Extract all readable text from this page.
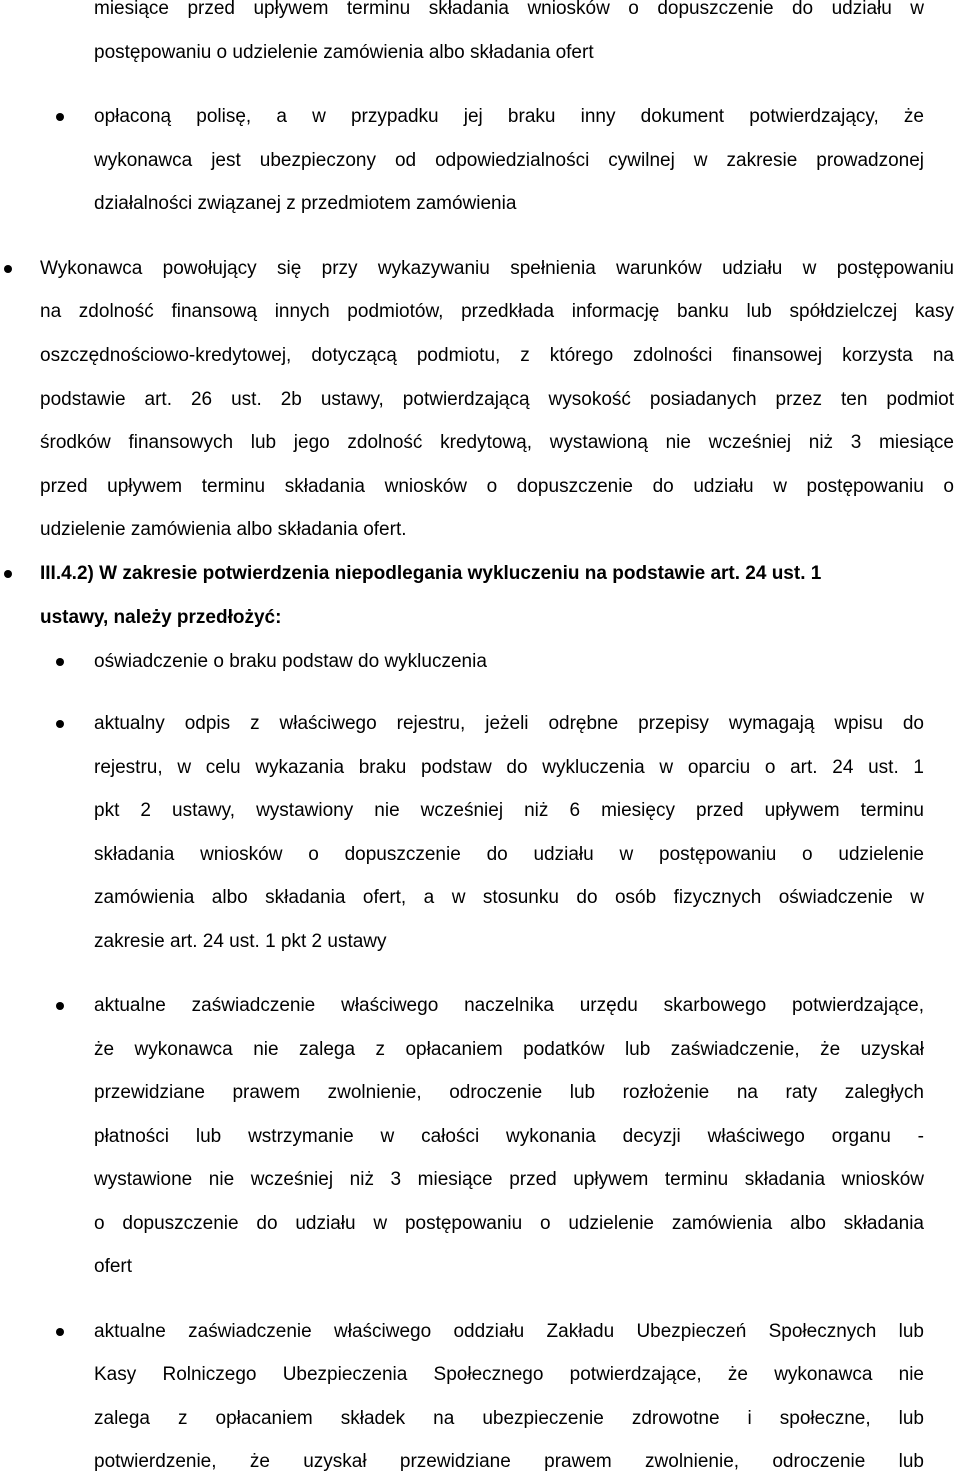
miesiące przed upływem terminu składania wniosków o dopuszczenie do udziału w
postępowaniu o udzielenie zamówienia albo składania ofert
opłaconą polisę, a w przypadku jej braku inny dokument potwierdzający, że
wykonawca jest ubezpieczony od odpowiedzialności cywilnej w zakresie prowadzonej
działalności związanej z przedmiotem zamówienia
Wykonawca powołujący się przy wykazywaniu spełnienia warunków udziału w postępowaniu
na zdolność finansową innych podmiotów, przedkłada informację banku lub spółdzielczej kasy
oszczędnościowo-kredytowej, dotyczącą podmiotu, z którego zdolności finansowej korzysta na
podstawie art. 26 ust. 2b ustawy, potwierdzającą wysokość posiadanych przez ten podmiot
środków finansowych lub jego zdolność kredytową, wystawioną nie wcześniej niż 3 miesiące
przed upływem terminu składania wniosków o dopuszczenie do udziału w postępowaniu o
udzielenie zamówienia albo składania ofert.
III.4.2) W zakresie potwierdzenia niepodlegania wykluczeniu na podstawie art. 24 ust. 1
ustawy, należy przedłożyć:
oświadczenie o braku podstaw do wykluczenia
aktualny odpis z właściwego rejestru, jeżeli odrębne przepisy wymagają wpisu do
rejestru, w celu wykazania braku podstaw do wykluczenia w oparciu o art. 24 ust. 1
pkt 2 ustawy, wystawiony nie wcześniej niż 6 miesięcy przed upływem terminu
składania wniosków o dopuszczenie do udziału w postępowaniu o udzielenie
zamówienia albo składania ofert, a w stosunku do osób fizycznych oświadczenie w
zakresie art. 24 ust. 1 pkt 2 ustawy
aktualne zaświadczenie właściwego naczelnika urzędu skarbowego potwierdzające,
że wykonawca nie zalega z opłacaniem podatków lub zaświadczenie, że uzyskał
przewidziane prawem zwolnienie, odroczenie lub rozłożenie na raty zaległych
płatności lub wstrzymanie w całości wykonania decyzji właściwego organu -
wystawione nie wcześniej niż 3 miesiące przed upływem terminu składania wniosków
o dopuszczenie do udziału w postępowaniu o udzielenie zamówienia albo składania
ofert
aktualne zaświadczenie właściwego oddziału Zakładu Ubezpieczeń Społecznych lub
Kasy Rolniczego Ubezpieczenia Społecznego potwierdzające, że wykonawca nie
zalega z opłacaniem składek na ubezpieczenie zdrowotne i społeczne, lub
potwierdzenie, że uzyskał przewidziane prawem zwolnienie, odroczenie lub
